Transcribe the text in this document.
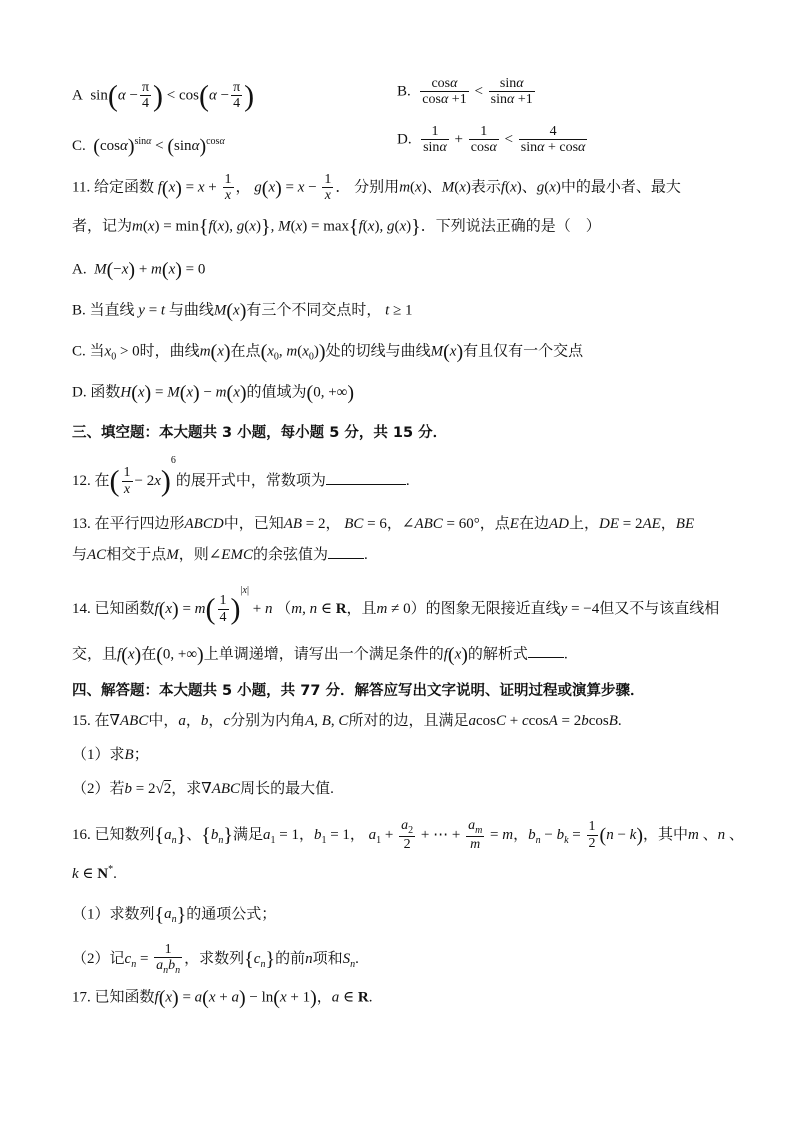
A  $\sin(\alpha - \frac{\pi}{4}$ ) < $\cos(\alpha - \frac{\pi}{4}$ )	B. $\frac{\cos\alpha}{\cos\alpha +1} < \frac{\sin\alpha}{\sin\alpha +1}$
C. $(\cos\alpha)^{sin\alpha} < (\sin\alpha)^{cos\alpha}$	D. $\frac{1}{\sin\alpha} + \frac{1}{\cos\alpha} < \frac{4}{\sin\alpha + \cos\alpha}$
11. 给定函数 $f(x) = x + \frac{1}{x}$ ， $g(x) = x - \frac{1}{x}$ ． 分别用m(x)、M(x)表示f(x)、g(x)中的最小者、最大
者，记为m(x) = min{f(x), g(x)}, M(x) = max{f(x), g(x)}．下列说法正确的是（　）
A. M(−x) + m(x) = 0
B. 当直线 y = t 与曲线M(x)有三个不同交点时， t ≥ 1
C. 当$x_0 > 0$时，曲线m(x)在点($x_0$, $m(x_0)$)处的切线与曲线M(x)有且仅有一个交点
D. 函数H(x) = M(x) − m(x)的值域为(0, +∞)
三、填空题：本大题共 3 小题，每小题 5 分，共 15 分．
12. 在( $\frac{1}{x} - 2x)^6$的展开式中，常数项为	.
13. 在平行四边形ABCD中，已知AB = 2， BC = 6，∠ABC = 60°，点E在边AD上，DE = 2AE，BE
与AC相交于点M，则∠EMC的余弦值为 .
14. 已知函数$f(x) = m( \frac{1}{4} )^{|x|} + n$ （m, n ∈ R，且m ≠ 0）的图象无限接近直线y = −4但又不与该直线相
交，且f(x)在(0, +∞)上单调递增，请写出一个满足条件的f(x)的解析式 .
四、解答题：本大题共 5 小题，共 77 分．解答应写出文字说明、证明过程或演算步骤．
15. 在∇ABC中，a，b，c分别为内角A, B, C所对的边，且满足acosC + ccosA = 2bcosB.
（1）求B；
（2）若b = 2√2，求∇ABC周长的最大值.
16. 已知数列$\{a_n\}$、$\{b_n\}$满足$a_1 = 1$，$b_1 = 1$， $a_1 + \frac{a_2}{2}$ + ⋯ + $\frac{a_m}{m} = m$，$b_n - b_k = \frac{1}{2} (n - k)$，其中m 、n 、
k ∈ N*.
（1）求数列$\{a_n\}$的通项公式；
（2）记$c_n = \frac{1}{a_nb_n}$ ，求数列$\{c_n\}$的前n项和$S_n$.
17. 已知函数f(x) = a(x + a) − ln(x + 1)，a ∈ R.
